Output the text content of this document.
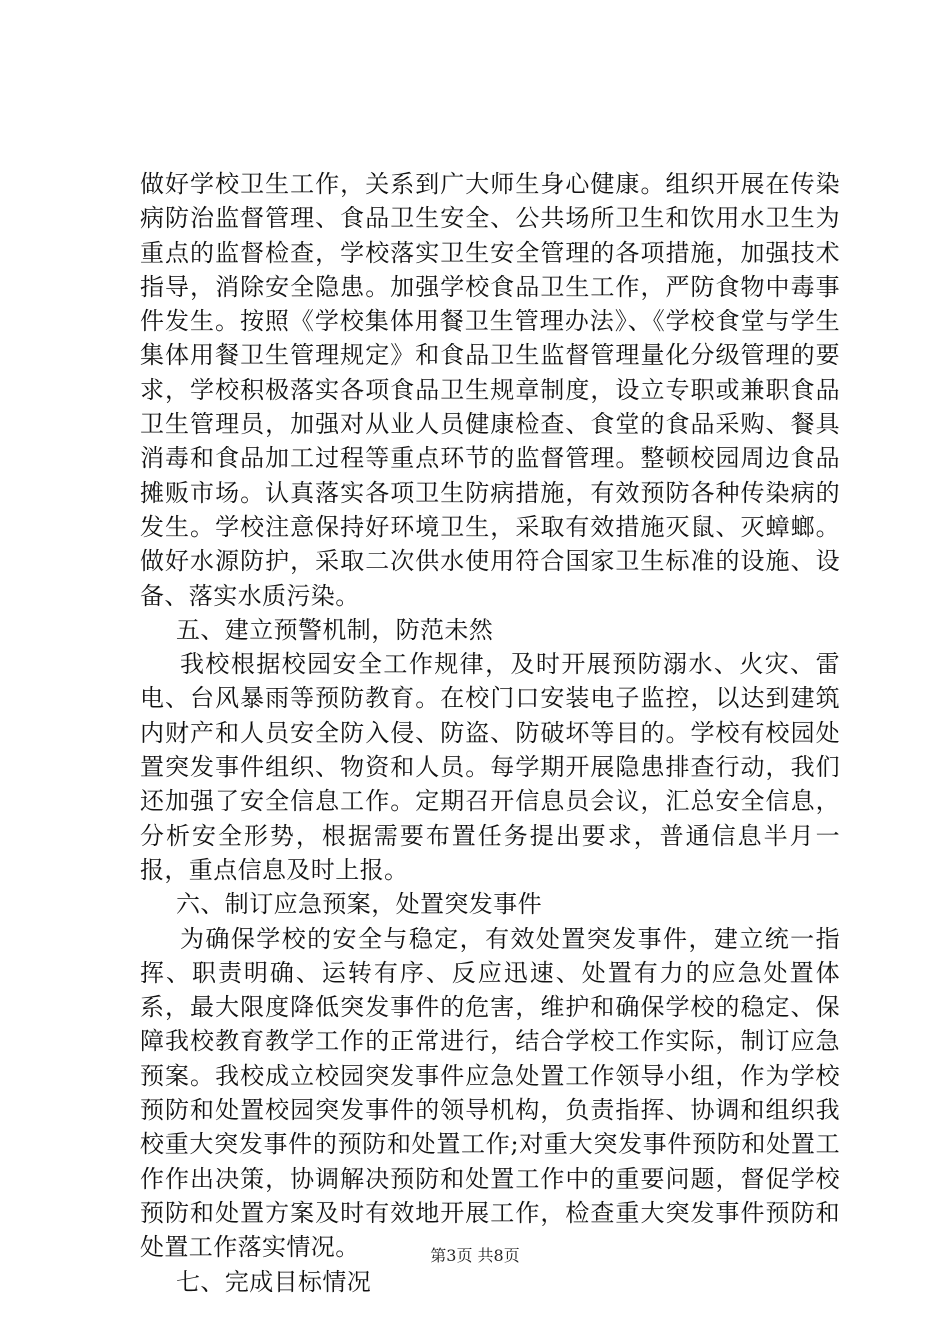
做好学校卫生工作，关系到广大师生身心健康。组织开展在传染病防治监督管理、食品卫生安全、公共场所卫生和饮用水卫生为重点的监督检查，学校落实卫生安全管理的各项措施，加强技术指导，消除安全隐患。加强学校食品卫生工作，严防食物中毒事件发生。按照《学校集体用餐卫生管理办法》、《学校食堂与学生集体用餐卫生管理规定》和食品卫生监督管理量化分级管理的要求，学校积极落实各项食品卫生规章制度，设立专职或兼职食品卫生管理员，加强对从业人员健康检查、食堂的食品采购、餐具消毒和食品加工过程等重点环节的监督管理。整顿校园周边食品摊贩市场。认真落实各项卫生防病措施，有效预防各种传染病的发生。学校注意保持好环境卫生，采取有效措施灭鼠、灭蟑螂。做好水源防护，采取二次供水使用符合国家卫生标准的设施、设备、落实水质污染。

五、建立预警机制，防范未然

我校根据校园安全工作规律，及时开展预防溺水、火灾、雷电、台风暴雨等预防教育。在校门口安装电子监控，以达到建筑内财产和人员安全防入侵、防盗、防破坏等目的。学校有校园处置突发事件组织、物资和人员。每学期开展隐患排查行动，我们还加强了安全信息工作。定期召开信息员会议，汇总安全信息，分析安全形势，根据需要布置任务提出要求，普通信息半月一报，重点信息及时上报。

六、制订应急预案，处置突发事件

为确保学校的安全与稳定，有效处置突发事件，建立统一指挥、职责明确、运转有序、反应迅速、处置有力的应急处置体系，最大限度降低突发事件的危害，维护和确保学校的稳定、保障我校教育教学工作的正常进行，结合学校工作实际，制订应急预案。我校成立校园突发事件应急处置工作领导小组，作为学校预防和处置校园突发事件的领导机构，负责指挥、协调和组织我校重大突发事件的预防和处置工作;对重大突发事件预防和处置工作作出决策，协调解决预防和处置工作中的重要问题，督促学校预防和处置方案及时有效地开展工作，检查重大突发事件预防和处置工作落实情况。

七、完成目标情况

第3页 共8页
